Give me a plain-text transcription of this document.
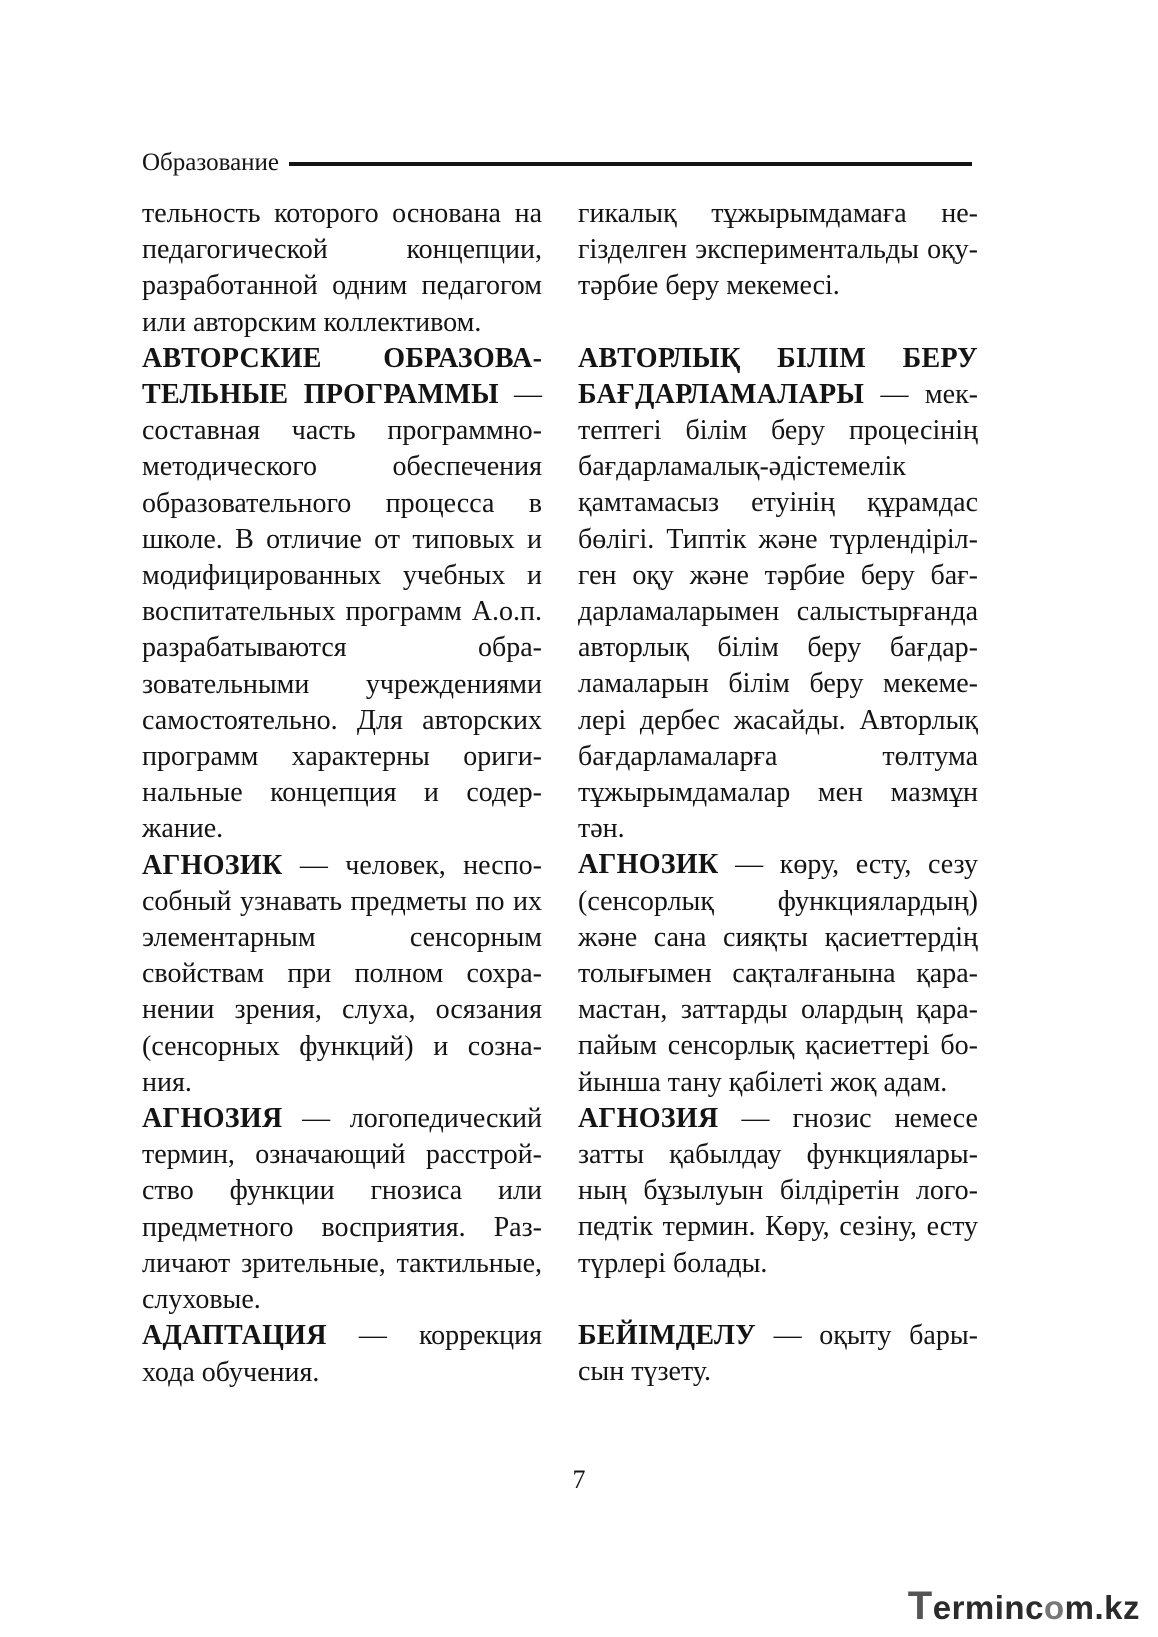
Образование

тельность которого основана на педагогической концепции, разработанной одним педагогом или авторским коллективом.

АВТОРСКИЕ ОБРАЗОВАТЕЛЬНЫЕ ПРОГРАММЫ — составная часть программно-методического обеспечения образовательного процесса в школе. В отличие от типовых и модифицированных учебных и воспитательных программ А.о.п. разрабатываются образовательными учреждениями самостоятельно. Для авторских программ характерны оригинальные концепция и содержание.

АГНОЗИК — человек, неспособный узнавать предметы по их элементарным сенсорным свойствам при полном сохранении зрения, слуха, осязания (сенсорных функций) и сознания.

АГНОЗИЯ — логопедический термин, означающий расстройство функции гнозиса или предметного восприятия. Различают зрительные, тактильные, слуховые.

АДАПТАЦИЯ — коррекция хода обучения.

гикалық тұжырымдамаға негізделген экспериментальды оқу-тәрбие беру мекемесі.

АВТОРЛЫҚ БІЛІМ БЕРУ БАҒДАРЛАМАЛАРЫ — мектептегі білім беру процесінің бағдарламалық-әдістемелік қамтамасыз етуінің құрамдас бөлігі. Типтік және түрлендірілген оқу және тәрбие беру бағдарламаларымен салыстырғанда авторлық білім беру бағдарламаларын білім беру мекемелері дербес жасайды. Авторлық бағдарламаларға төлтума тұжырымдамалар мен мазмұн тән.

АГНОЗИК — көру, есту, сезу (сенсорлық функциялардың) және сана сияқты қасиеттердің толығымен сақталғанына қарамастан, заттарды олардың қарапайым сенсорлық қасиеттері бойынша тану қабілеті жоқ адам.

АГНОЗИЯ — гнозис немесе затты қабылдау функцияларының бұзылуын білдіретін логопедтік термин. Көру, сезіну, есту түрлері болады.

БЕЙІМДЕЛУ — оқыту барысын түзету.

7
Termincom.kz
